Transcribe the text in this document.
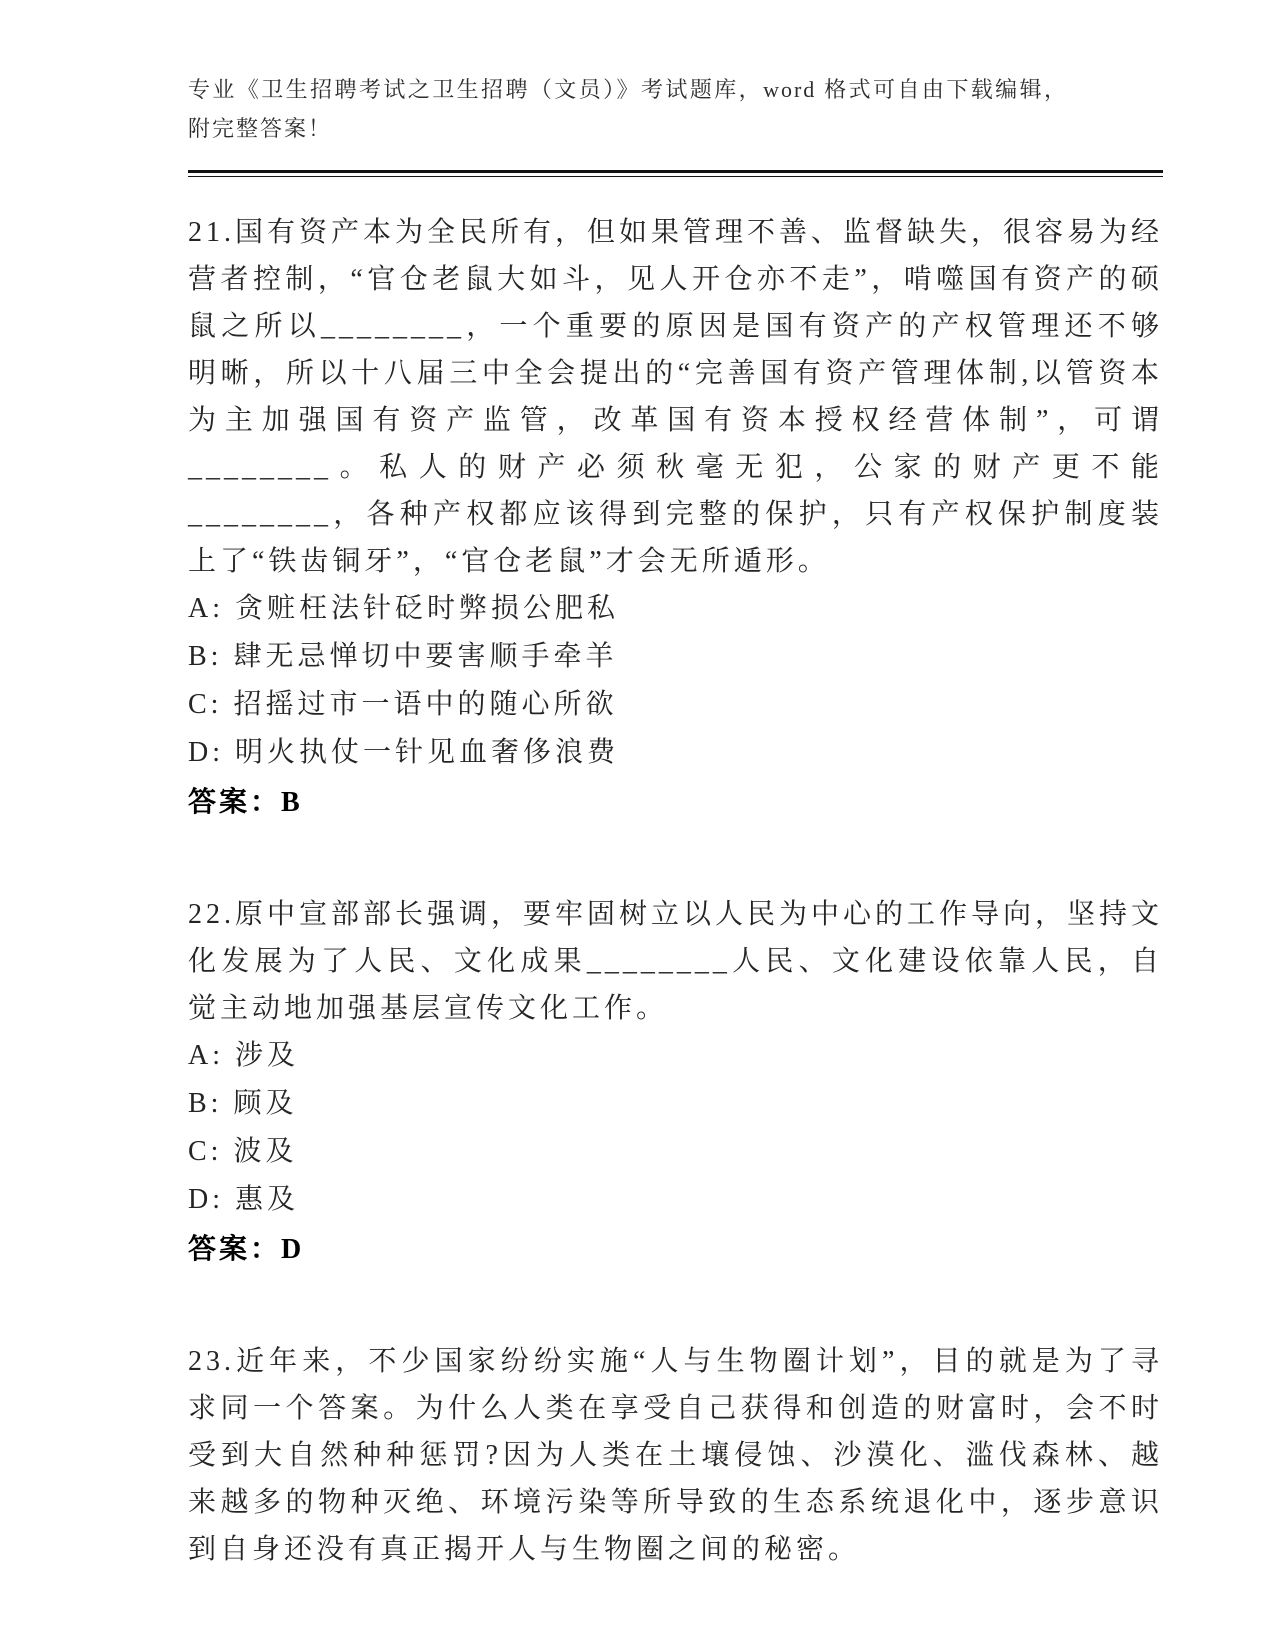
专业《卫生招聘考试之卫生招聘（文员）》考试题库，word 格式可自由下载编辑，附完整答案！

21.国有资产本为全民所有，但如果管理不善、监督缺失，很容易为经营者控制，“官仓老鼠大如斗，见人开仓亦不走”，啃噬国有资产的硕鼠之所以________，一个重要的原因是国有资产的产权管理还不够明晰，所以十八届三中全会提出的“完善国有资产管理体制,以管资本为主加强国有资产监管，改革国有资本授权经营体制”，可谓________。私人的财产必须秋毫无犯，公家的财产更不能________，各种产权都应该得到完整的保护，只有产权保护制度装上了“铁齿铜牙”，“官仓老鼠”才会无所遁形。

A: 贪赃枉法针砭时弊损公肥私
B: 肆无忌惮切中要害顺手牵羊
C: 招摇过市一语中的随心所欲
D: 明火执仗一针见血奢侈浪费

答案：B

22.原中宣部部长强调，要牢固树立以人民为中心的工作导向，坚持文化发展为了人民、文化成果________人民、文化建设依靠人民，自觉主动地加强基层宣传文化工作。

A: 涉及
B: 顾及
C: 波及
D: 惠及

答案：D

23.近年来，不少国家纷纷实施“人与生物圈计划”，目的就是为了寻求同一个答案。为什么人类在享受自己获得和创造的财富时，会不时受到大自然种种惩罚?因为人类在土壤侵蚀、沙漠化、滥伐森林、越来越多的物种灭绝、环境污染等所导致的生态系统退化中，逐步意识到自身还没有真正揭开人与生物圈之间的秘密。
